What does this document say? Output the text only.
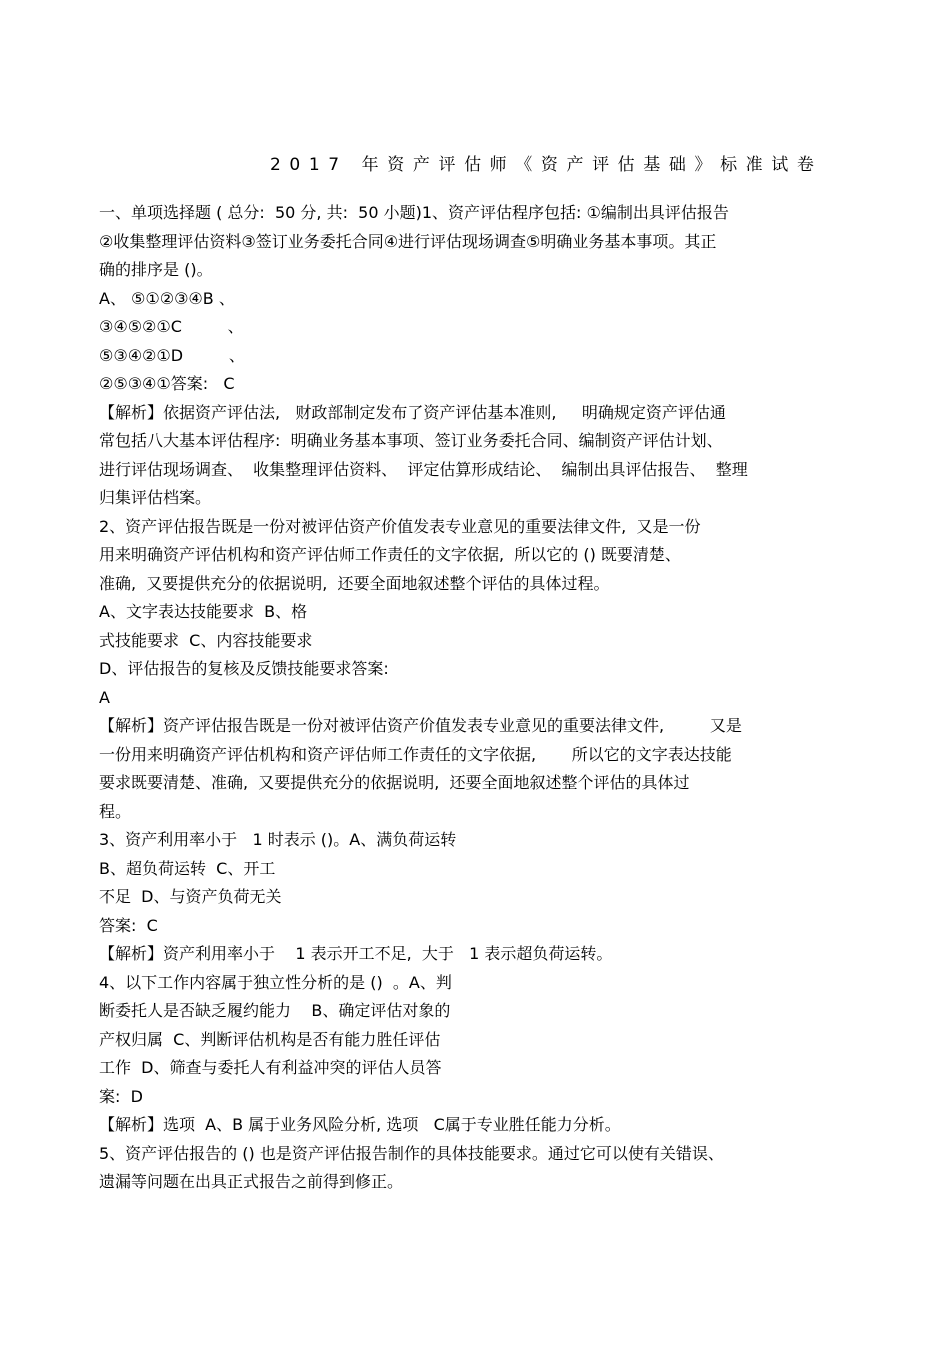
2017 年资产评估师《资产评估基础》标准试卷
一、单项选择题 ( 总分:  50 分, 共:  50 小题)1、资产评估程序包括: ①编制出具评估报告
②收集整理评估资料③签订业务委托合同④进行评估现场调查⑤明确业务基本事项。其正
确的排序是 ()。
A、 ⑤①②③④B 、
③④⑤②①C         、
⑤③④②①D         、
②⑤③④①答案:   C
【解析】依据资产评估法,   财政部制定发布了资产评估基本准则,     明确规定资产评估通
常包括八大基本评估程序:  明确业务基本事项、签订业务委托合同、编制资产评估计划、
进行评估现场调查、  收集整理评估资料、  评定估算形成结论、  编制出具评估报告、  整理
归集评估档案。
2、资产评估报告既是一份对被评估资产价值发表专业意见的重要法律文件,  又是一份
用来明确资产评估机构和资产评估师工作责任的文字依据,  所以它的 () 既要清楚、
准确,  又要提供充分的依据说明,  还要全面地叙述整个评估的具体过程。
A、文字表达技能要求  B、格
式技能要求  C、内容技能要求
D、评估报告的复核及反馈技能要求答案:
A
【解析】资产评估报告既是一份对被评估资产价值发表专业意见的重要法律文件,         又是
一份用来明确资产评估机构和资产评估师工作责任的文字依据,       所以它的文字表达技能
要求既要清楚、准确,  又要提供充分的依据说明,  还要全面地叙述整个评估的具体过
程。
3、资产利用率小于   1 时表示 ()。A、满负荷运转
B、超负荷运转  C、开工
不足  D、与资产负荷无关
答案:  C
【解析】资产利用率小于    1 表示开工不足,  大于   1 表示超负荷运转。
4、以下工作内容属于独立性分析的是 ()  。A、判
断委托人是否缺乏履约能力    B、确定评估对象的
产权归属  C、判断评估机构是否有能力胜任评估
工作  D、筛查与委托人有利益冲突的评估人员答
案:  D
【解析】选项  A、B 属于业务风险分析, 选项   C属于专业胜任能力分析。
5、资产评估报告的 () 也是资产评估报告制作的具体技能要求。通过它可以使有关错误、
遗漏等问题在出具正式报告之前得到修正。
